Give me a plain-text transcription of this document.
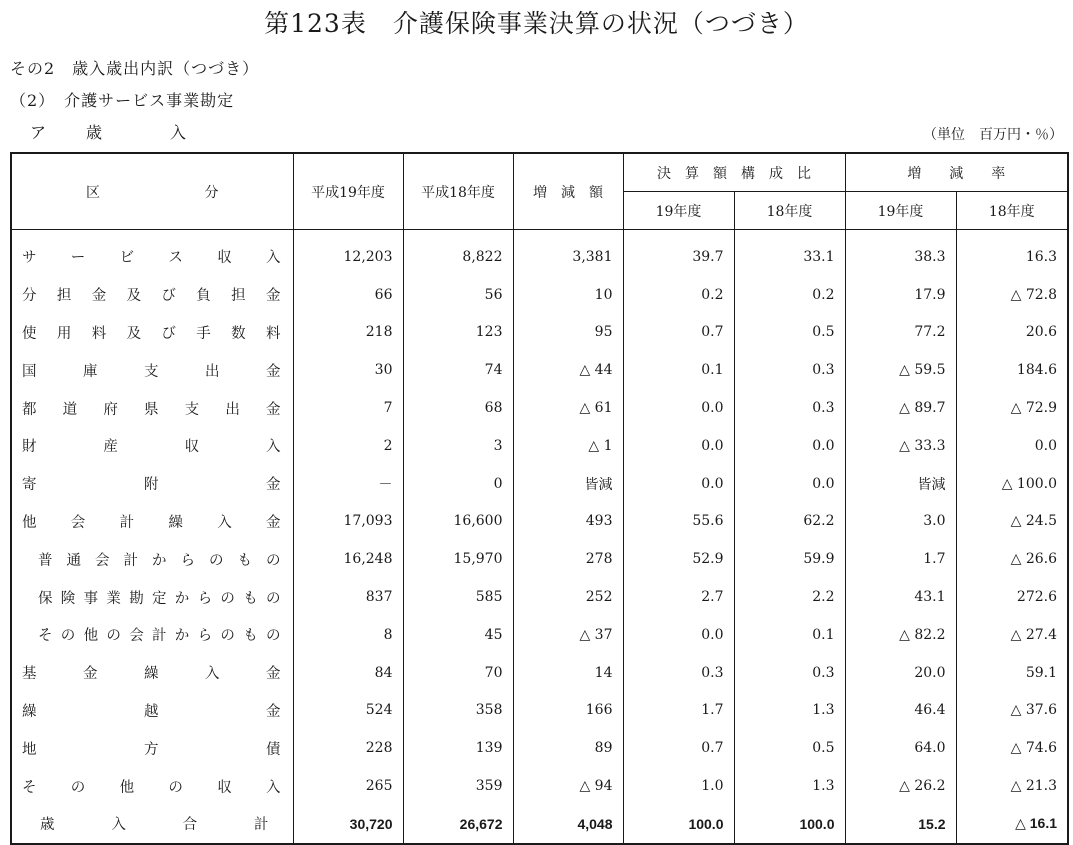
第123表　介護保険事業決算の状況（つづき）
その2　歳入歳出内訳（つづき）
（2）　介護サービス事業勘定
ア　歳　　入	（単位　百万円・％）
区 分	平成19年度	平成18年度	増　減　額	決　算　額　構　成　比		増　　減　　率	
				19年度	18年度	19年度	18年度
サービス収入	12,203	8,822	3,381	39.7	33.1	38.3	16.3
分担金及び負担金	66	56	10	0.2	0.2	17.9	△ 72.8
使用料及び手数料	218	123	95	0.7	0.5	77.2	20.6
国庫支出金	30	74	△ 44	0.1	0.3	△ 59.5	184.6
都道府県支出金	7	68	△ 61	0.0	0.3	△ 89.7	△ 72.9
財産収入	2	3	△ 1	0.0	0.0	△ 33.3	0.0
寄附金	－	0	皆減	0.0	0.0	皆減	△ 100.0
他会計繰入金	17,093	16,600	493	55.6	62.2	3.0	△ 24.5
普通会計からのもの	16,248	15,970	278	52.9	59.9	1.7	△ 26.6
保険事業勘定からのもの	837	585	252	2.7	2.2	43.1	272.6
その他の会計からのもの	8	45	△ 37	0.0	0.1	△ 82.2	△ 27.4
基金繰入金	84	70	14	0.3	0.3	20.0	59.1
繰越金	524	358	166	1.7	1.3	46.4	△ 37.6
地方債	228	139	89	0.7	0.5	64.0	△ 74.6
その他の収入	265	359	△ 94	1.0	1.3	△ 26.2	△ 21.3
歳入合計	30,720	26,672	4,048	100.0	100.0	15.2	△ 16.1
